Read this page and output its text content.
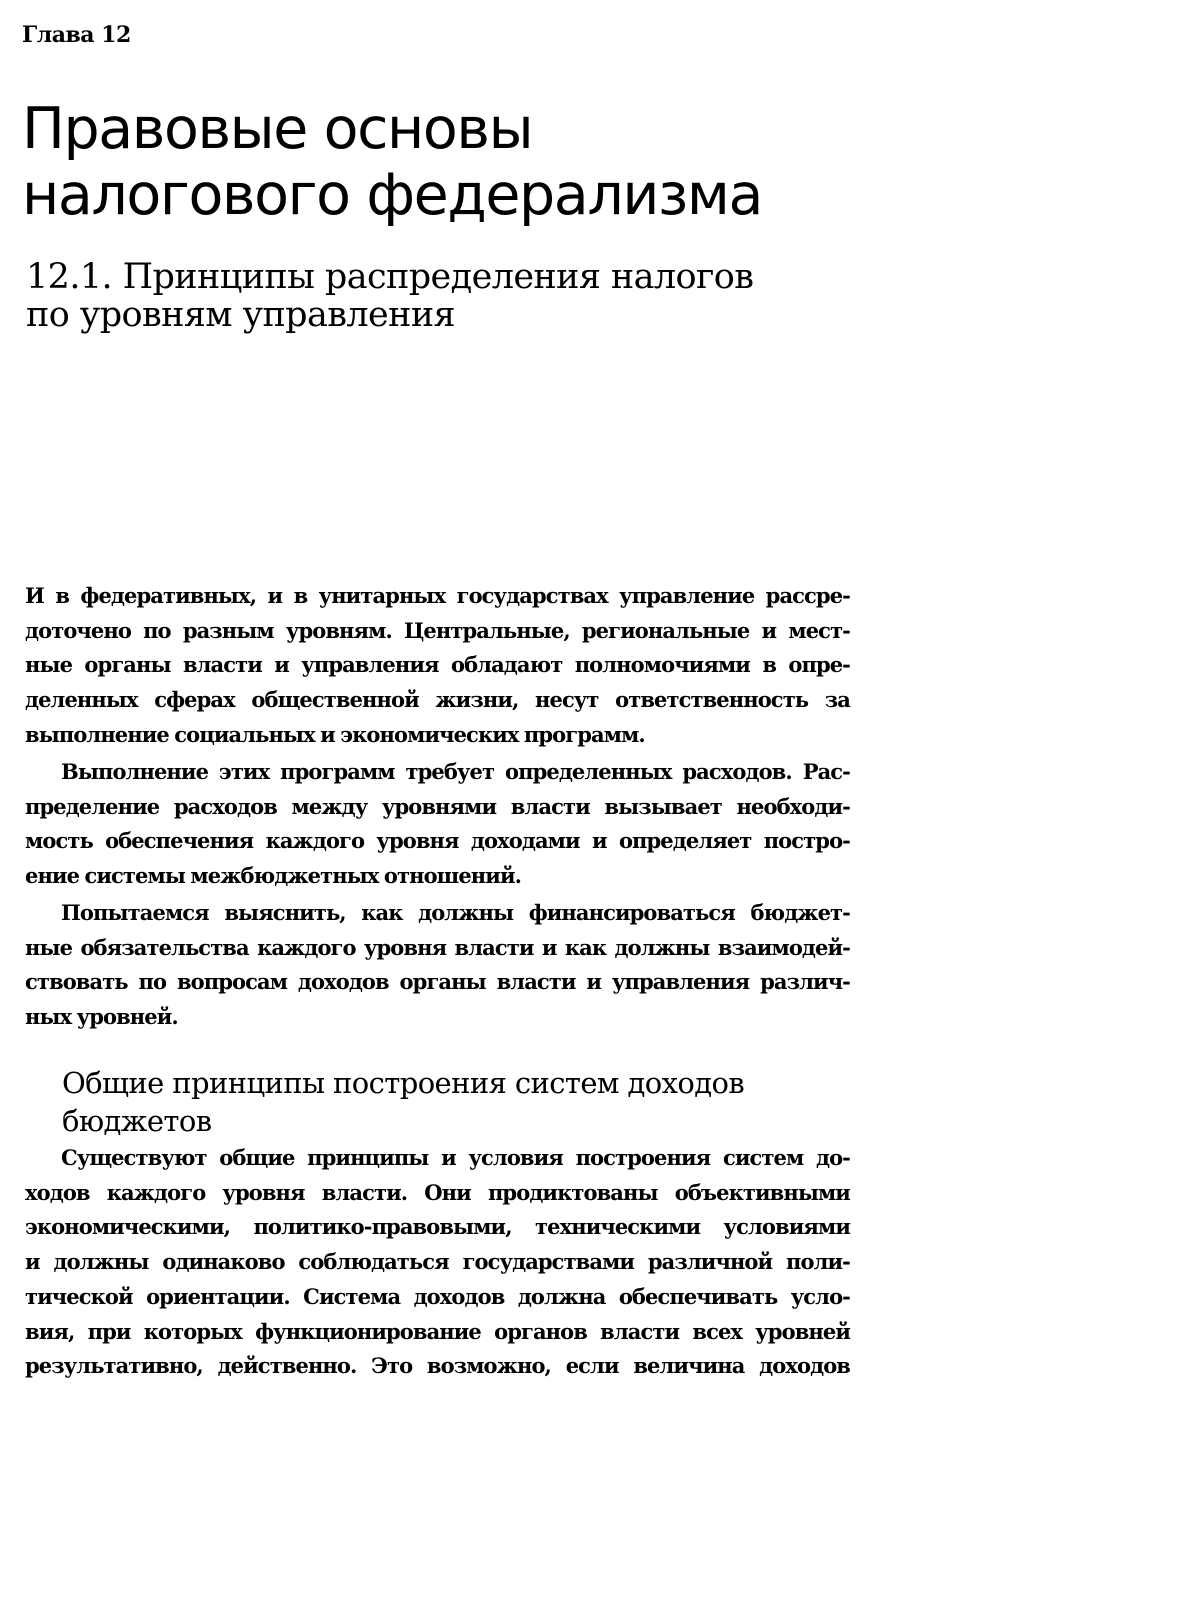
Глава 12
Правовые основы
налогового федерализма
12.1. Принципы распределения налогов
по уровням управления
И в федеративных, и в унитарных государствах управление рассре-
доточено по разным уровням. Центральные, региональные и мест-
ные органы власти и управления обладают полномочиями в опре-
деленных сферах общественной жизни, несут ответственность за
выполнение социальных и экономических программ.
Выполнение этих программ требует определенных расходов. Рас-
пределение расходов между уровнями власти вызывает необходи-
мость обеспечения каждого уровня доходами и определяет постро-
ение системы межбюджетных отношений.
Попытаемся выяснить, как должны финансироваться бюджет-
ные обязательства каждого уровня власти и как должны взаимодей-
ствовать по вопросам доходов органы власти и управления различ-
ных уровней.
Общие принципы построения систем доходов
бюджетов
Существуют общие принципы и условия построения систем до-
ходов каждого уровня власти. Они продиктованы объективными
экономическими, политико-правовыми, техническими условиями
и должны одинаково соблюдаться государствами различной поли-
тической ориентации. Система доходов должна обеспечивать усло-
вия, при которых функционирование органов власти всех уровней
результативно, действенно. Это возможно, если величина доходов
